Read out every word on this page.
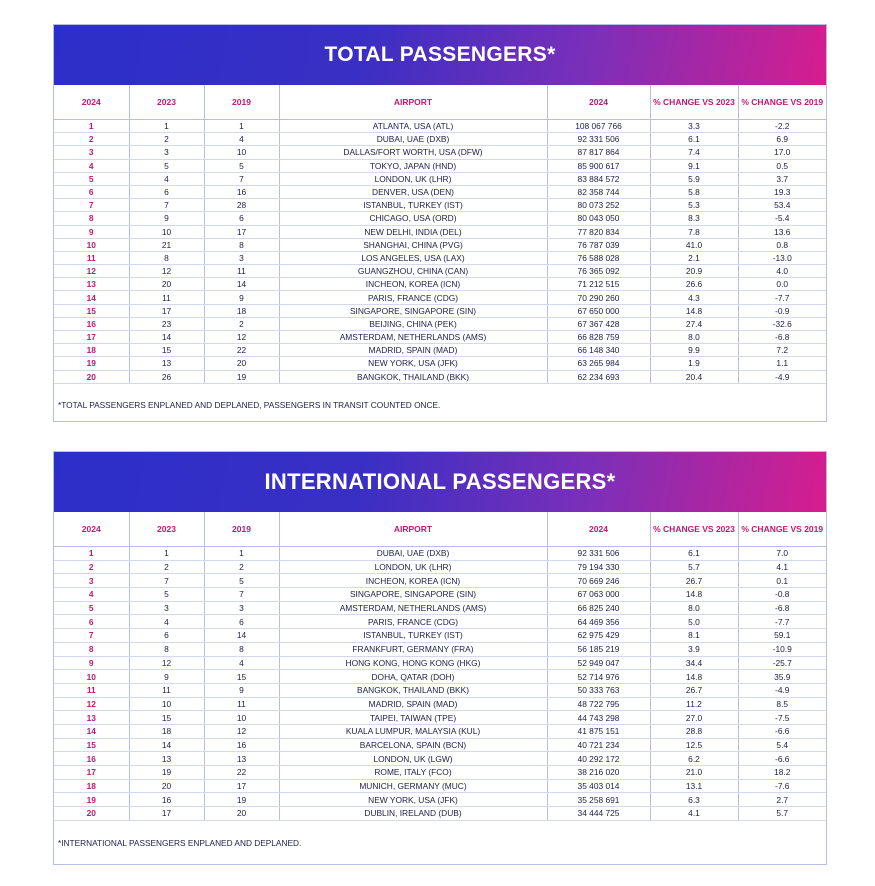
TOTAL PASSENGERS*
2024	2023	2019	AIRPORT	2024	% CHANGE VS 2023	% CHANGE VS 2019
1	1	1	ATLANTA, USA (ATL)	108 067 766	3.3	-2.2
2	2	4	DUBAI, UAE (DXB)	92 331 506	6.1	6.9
3	3	10	DALLAS/FORT WORTH, USA (DFW)	87 817 864	7.4	17.0
4	5	5	TOKYO, JAPAN (HND)	85 900 617	9.1	0.5
5	4	7	LONDON, UK (LHR)	83 884 572	5.9	3.7
6	6	16	DENVER, USA (DEN)	82 358 744	5.8	19.3
7	7	28	ISTANBUL, TURKEY (IST)	80 073 252	5.3	53.4
8	9	6	CHICAGO, USA (ORD)	80 043 050	8.3	-5.4
9	10	17	NEW DELHI, INDIA (DEL)	77 820 834	7.8	13.6
10	21	8	SHANGHAI, CHINA (PVG)	76 787 039	41.0	0.8
11	8	3	LOS ANGELES, USA (LAX)	76 588 028	2.1	-13.0
12	12	11	GUANGZHOU, CHINA (CAN)	76 365 092	20.9	4.0
13	20	14	INCHEON, KOREA (ICN)	71 212 515	26.6	0.0
14	11	9	PARIS, FRANCE (CDG)	70 290 260	4.3	-7.7
15	17	18	SINGAPORE, SINGAPORE (SIN)	67 650 000	14.8	-0.9
16	23	2	BEIJING, CHINA (PEK)	67 367 428	27.4	-32.6
17	14	12	AMSTERDAM, NETHERLANDS (AMS)	66 828 759	8.0	-6.8
18	15	22	MADRID, SPAIN (MAD)	66 148 340	9.9	7.2
19	13	20	NEW YORK, USA (JFK)	63 265 984	1.9	1.1
20	26	19	BANGKOK, THAILAND (BKK)	62 234 693	20.4	-4.9
*TOTAL PASSENGERS ENPLANED AND DEPLANED, PASSENGERS IN TRANSIT COUNTED ONCE.
INTERNATIONAL PASSENGERS*
2024	2023	2019	AIRPORT	2024	% CHANGE VS 2023	% CHANGE VS 2019
1	1	1	DUBAI, UAE (DXB)	92 331 506	6.1	7.0
2	2	2	LONDON, UK (LHR)	79 194 330	5.7	4.1
3	7	5	INCHEON, KOREA (ICN)	70 669 246	26.7	0.1
4	5	7	SINGAPORE, SINGAPORE (SIN)	67 063 000	14.8	-0.8
5	3	3	AMSTERDAM, NETHERLANDS (AMS)	66 825 240	8.0	-6.8
6	4	6	PARIS, FRANCE (CDG)	64 469 356	5.0	-7.7
7	6	14	ISTANBUL, TURKEY (IST)	62 975 429	8.1	59.1
8	8	8	FRANKFURT, GERMANY (FRA)	56 185 219	3.9	-10.9
9	12	4	HONG KONG, HONG KONG (HKG)	52 949 047	34.4	-25.7
10	9	15	DOHA, QATAR (DOH)	52 714 976	14.8	35.9
11	11	9	BANGKOK, THAILAND (BKK)	50 333 763	26.7	-4.9
12	10	11	MADRID, SPAIN (MAD)	48 722 795	11.2	8.5
13	15	10	TAIPEI, TAIWAN (TPE)	44 743 298	27.0	-7.5
14	18	12	KUALA LUMPUR, MALAYSIA (KUL)	41 875 151	28.8	-6.6
15	14	16	BARCELONA, SPAIN (BCN)	40 721 234	12.5	5.4
16	13	13	LONDON, UK (LGW)	40 292 172	6.2	-6.6
17	19	22	ROME, ITALY (FCO)	38 216 020	21.0	18.2
18	20	17	MUNICH, GERMANY (MUC)	35 403 014	13.1	-7.6
19	16	19	NEW YORK, USA (JFK)	35 258 691	6.3	2.7
20	17	20	DUBLIN, IRELAND (DUB)	34 444 725	4.1	5.7
*INTERNATIONAL PASSENGERS ENPLANED AND DEPLANED.
